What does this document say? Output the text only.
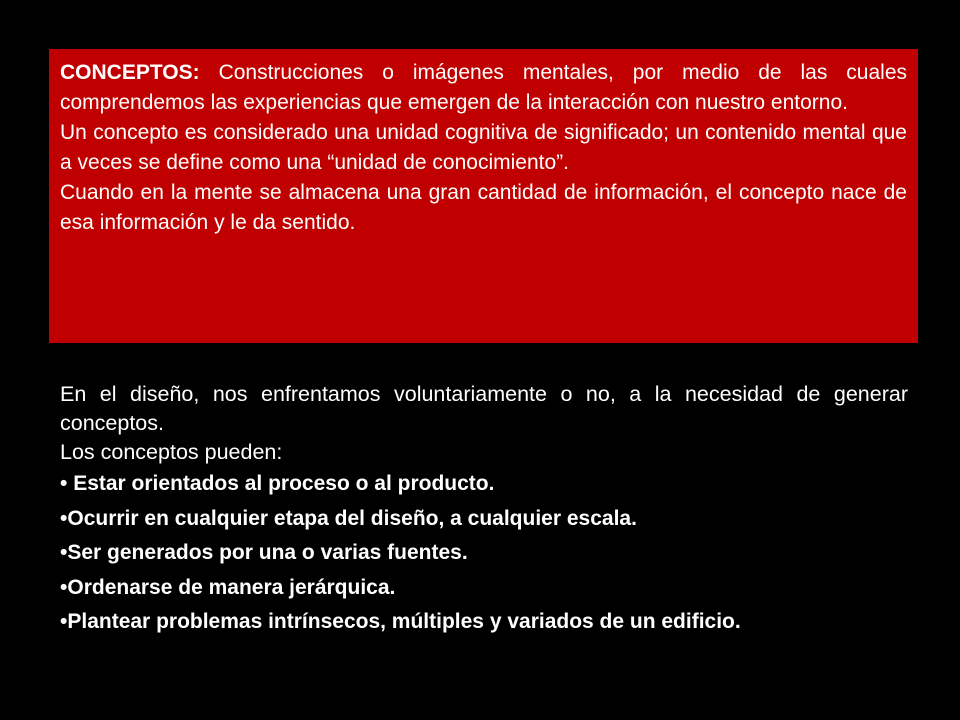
CONCEPTOS: Construcciones o imágenes mentales, por medio de las cuales comprendemos las experiencias que emergen de la interacción con nuestro entorno.

Un concepto es considerado una unidad cognitiva de significado; un contenido mental que a veces se define como una “unidad de conocimiento”.

Cuando en la mente se almacena una gran cantidad de información, el concepto nace de esa información y le da sentido.

En el diseño, nos enfrentamos voluntariamente o no, a la necesidad de generar conceptos.

Los conceptos pueden:

• Estar orientados al proceso o al producto.
•Ocurrir en cualquier etapa del diseño, a cualquier escala.
•Ser generados por una o varias fuentes.
•Ordenarse de manera jerárquica.
•Plantear problemas intrínsecos, múltiples y variados de un edificio.
